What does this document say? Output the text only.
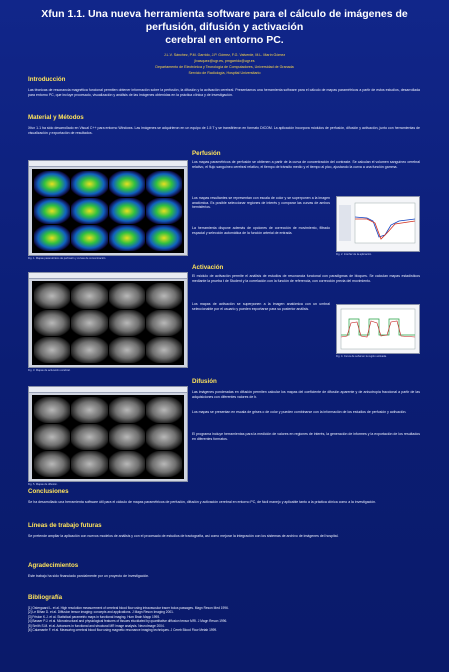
Xfun 1.1. Una nueva herramienta software para el cálculo de imágenes de perfusión, difusión y activación
cerebral en entorno PC.
J.L.V. Sánchez, P.M. Garrido, J.P. Gómez, F.G. Valverde, M.L. Marín Gómez
jlvasquez@ugr.es, pmgarrido@ugr.es
Departamento de Electrónica y Tecnología de Computadores, Universidad de Granada
Servicio de Radiología, Hospital Universitario
Introducción
Las técnicas de resonancia magnética funcional permiten obtener información sobre la perfusión, la difusión y la activación cerebral. Presentamos una herramienta software para el cálculo de mapas paramétricos a partir de estos estudios, desarrollada para entorno PC, que incluye procesado, visualización y análisis de las imágenes obtenidas en la práctica clínica y de investigación.
Material y Métodos
Xfun 1.1 ha sido desarrollado en Visual C++ para entorno Windows. Las imágenes se adquirieron en un equipo de 1.5 T y se transfirieron en formato DICOM. La aplicación incorpora módulos de perfusión, difusión y activación, junto con herramientas de visualización y exportación de resultados.
Perfusión
Fig. 1. Mapas paramétricos de perfusión y curvas de concentración.
Los mapas paramétricos de perfusión se obtienen a partir de la curva de concentración del contraste. Se calculan el volumen sanguíneo cerebral relativo, el flujo sanguíneo cerebral relativo, el tiempo de tránsito medio y el tiempo al pico, ajustando la curva a una función gamma.
Los mapas resultantes se representan con escala de color y se superponen a la imagen anatómica. Es posible seleccionar regiones de interés y comparar las curvas de ambos hemisferios.
La herramienta dispone además de opciones de corrección de movimiento, filtrado espacial y selección automática de la función arterial de entrada.
Fig. 2. Interfaz de la aplicación.
Activación
Fig. 3. Mapas de activación cerebral.
El módulo de activación permite el análisis de estudios de resonancia funcional con paradigmas de bloques. Se calculan mapas estadísticos mediante la prueba t de Student y la correlación con la función de referencia, con corrección previa del movimiento.
Los mapas de activación se superponen a la imagen anatómica con un umbral seleccionable por el usuario y pueden exportarse para su posterior análisis.
Fig. 4. Curva de señal en la región activada.
Difusión
Fig. 5. Mapas de difusión.
Las imágenes ponderadas en difusión permiten calcular los mapas del coeficiente de difusión aparente y de anisotropía fraccional a partir de las adquisiciones con diferentes valores de b.
Los mapas se presentan en escala de grises o de color y pueden combinarse con la información de los estudios de perfusión y activación.
El programa incluye herramientas para la medición de valores en regiones de interés, la generación de informes y la exportación de los resultados en diferentes formatos.
Conclusiones
Se ha desarrollado una herramienta software útil para el cálculo de mapas paramétricos de perfusión, difusión y activación cerebral en entorno PC, de fácil manejo y aplicable tanto a la práctica clínica como a la investigación.
Líneas de trabajo futuras
Se pretende ampliar la aplicación con nuevos modelos de análisis y con el procesado de estudios de tractografía, así como mejorar la integración con los sistemas de archivo de imágenes del hospital.
Agradecimientos
Este trabajo ha sido financiado parcialmente por un proyecto de investigación.
Bibliografía
[1] Ostergaard L. et al. High resolution measurement of cerebral blood flow using intravascular tracer bolus passages. Magn Reson Med 1996.
[2] Le Bihan D. et al. Diffusion tensor imaging: concepts and applications. J Magn Reson Imaging 2001.
[3] Friston K.J. et al. Statistical parametric maps in functional imaging. Hum Brain Mapp 1995.
[4] Basser P.J. et al. Microstructural and physiological features of tissues elucidated by quantitative diffusion tensor MRI. J Magn Reson 1996.
[5] Smith S.M. et al. Advances in functional and structural MR image analysis. NeuroImage 2004.
[6] Calamante F. et al. Measuring cerebral blood flow using magnetic resonance imaging techniques. J Cereb Blood Flow Metab 1999.
